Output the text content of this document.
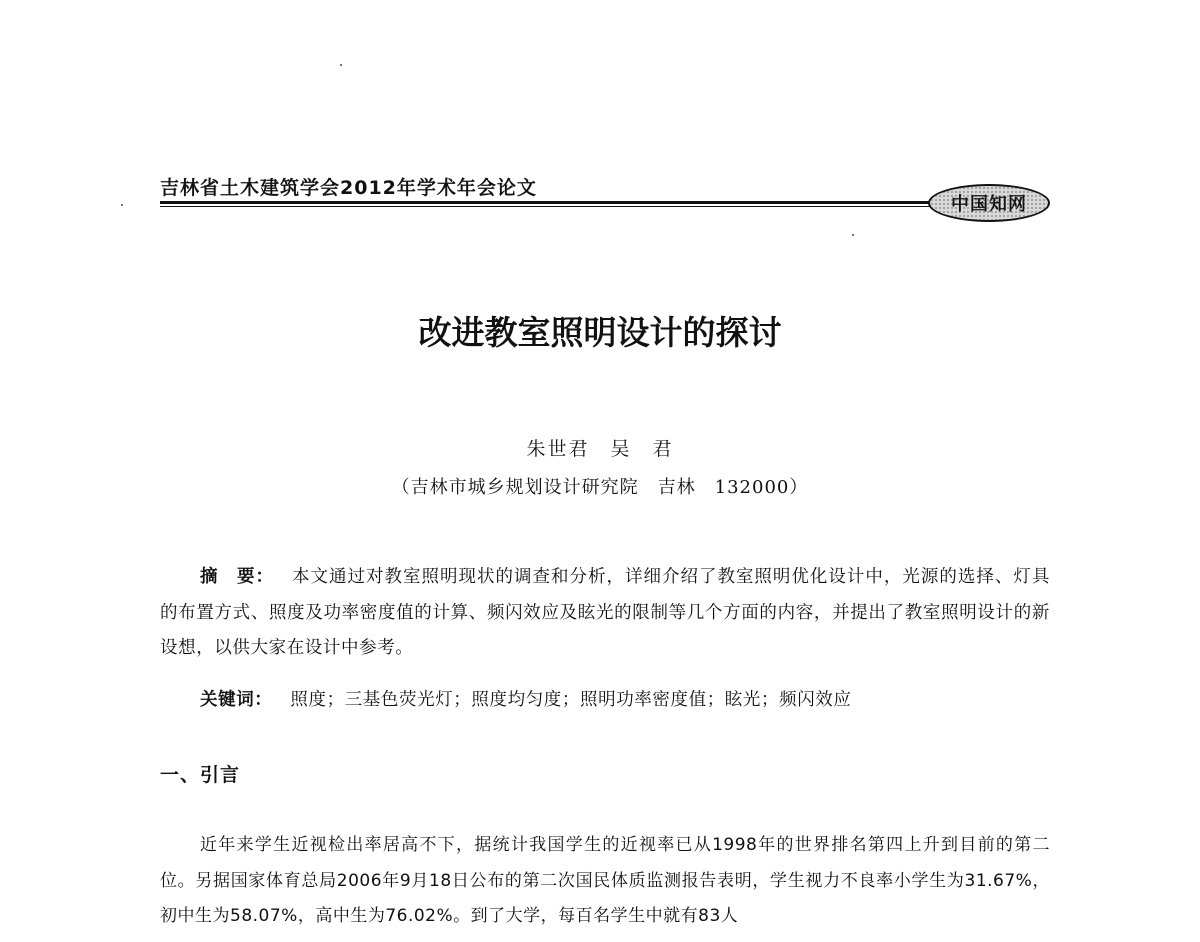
吉林省土木建筑学会2012年学术年会论文
中国知网
改进教室照明设计的探讨
朱世君　吴　君
（吉林市城乡规划设计研究院　吉林　132000）

摘　要： 本文通过对教室照明现状的调查和分析，详细介绍了教室照明优化设计中，光源的选择、灯具的布置方式、照度及功率密度值的计算、频闪效应及眩光的限制等几个方面的内容，并提出了教室照明设计的新设想，以供大家在设计中参考。

关键词： 照度；三基色荧光灯；照度均匀度；照明功率密度值；眩光；频闪效应

一、引言

近年来学生近视检出率居高不下，据统计我国学生的近视率已从1998年的世界排名第四上升到目前的第二位。另据国家体育总局2006年9月18日公布的第二次国民体质监测报告表明，学生视力不良率小学生为31.67%，初中生为58.07%，高中生为76.02%。到了大学，每百名学生中就有83人
